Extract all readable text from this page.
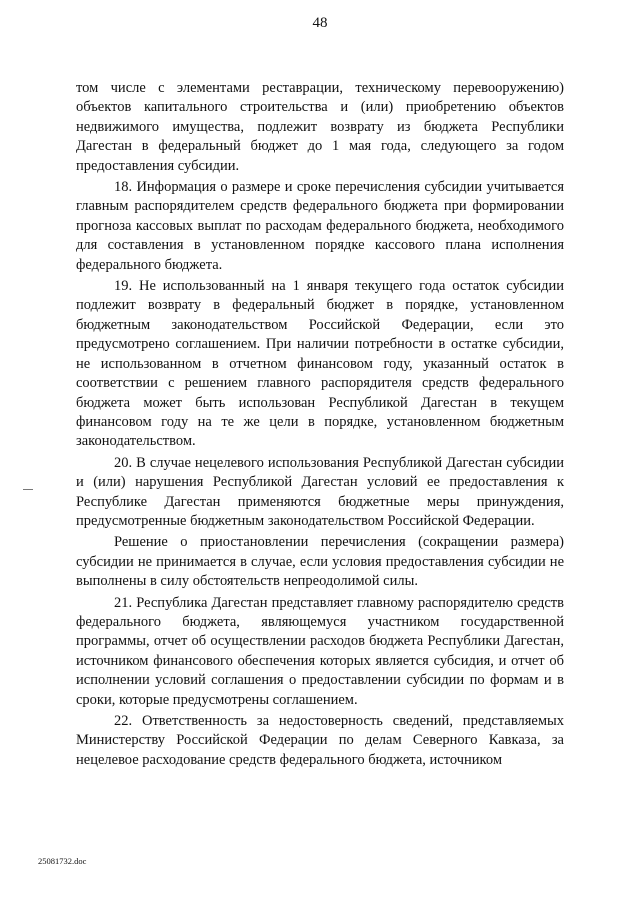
48

том числе с элементами реставрации, техническому перевооружению) объектов капитального строительства и (или) приобретению объектов недвижимого имущества, подлежит возврату из бюджета Республики Дагестан в федеральный бюджет до 1 мая года, следующего за годом предоставления субсидии.

18. Информация о размере и сроке перечисления субсидии учитывается главным распорядителем средств федерального бюджета при формировании прогноза кассовых выплат по расходам федерального бюджета, необходимого для составления в установленном порядке кассового плана исполнения федерального бюджета.

19. Не использованный на 1 января текущего года остаток субсидии подлежит возврату в федеральный бюджет в порядке, установленном бюджетным законодательством Российской Федерации, если это предусмотрено соглашением. При наличии потребности в остатке субсидии, не использованном в отчетном финансовом году, указанный остаток в соответствии с решением главного распорядителя средств федерального бюджета может быть использован Республикой Дагестан в текущем финансовом году на те же цели в порядке, установленном бюджетным законодательством.

20. В случае нецелевого использования Республикой Дагестан субсидии и (или) нарушения Республикой Дагестан условий ее предоставления к Республике Дагестан применяются бюджетные меры принуждения, предусмотренные бюджетным законодательством Российской Федерации.

Решение о приостановлении перечисления (сокращении размера) субсидии не принимается в случае, если условия предоставления субсидии не выполнены в силу обстоятельств непреодолимой силы.

21. Республика Дагестан представляет главному распорядителю средств федерального бюджета, являющемуся участником государственной программы, отчет об осуществлении расходов бюджета Республики Дагестан, источником финансового обеспечения которых является субсидия, и отчет об исполнении условий соглашения о предоставлении субсидии по формам и в сроки, которые предусмотрены соглашением.

22. Ответственность за недостоверность сведений, представляемых Министерству Российской Федерации по делам Северного Кавказа, за нецелевое расходование средств федерального бюджета, источником

25081732.doc
